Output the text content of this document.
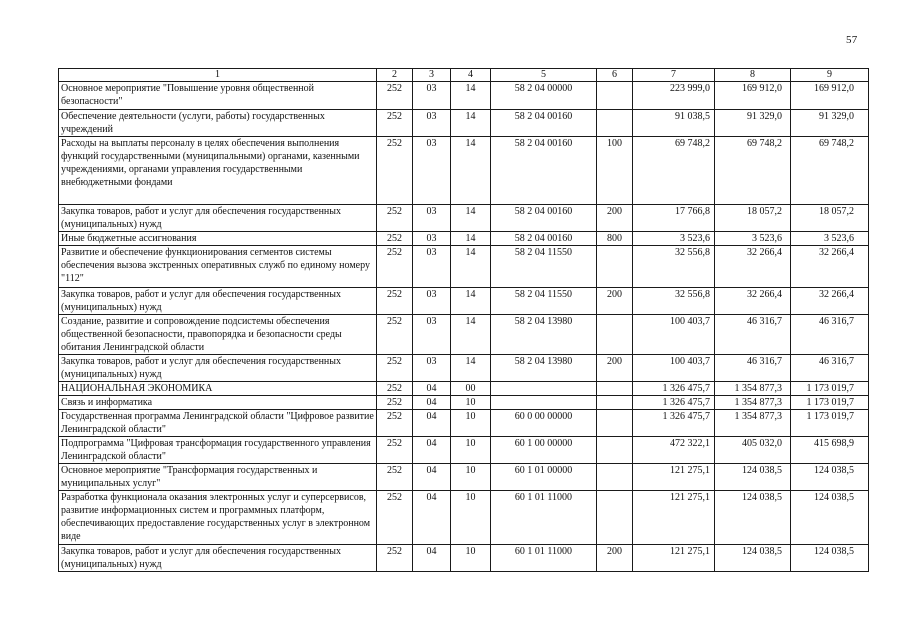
57
1	2	3	4	5	6	7	8	9
Основное мероприятие "Повышение уровня общественной безопасности"	252	03	14	58 2 04 00000		223 999,0	169 912,0	169 912,0
Обеспечение деятельности (услуги, работы) государственных учреждений	252	03	14	58 2 04 00160		91 038,5	91 329,0	91 329,0
Расходы на выплаты персоналу в целях обеспечения выполнения функций государственными (муниципальными) органами, казенными учреждениями, органами управления государственными внебюджетными фондами	252	03	14	58 2 04 00160	100	69 748,2	69 748,2	69 748,2
Закупка товаров, работ и услуг для обеспечения государственных (муниципальных) нужд	252	03	14	58 2 04 00160	200	17 766,8	18 057,2	18 057,2
Иные бюджетные ассигнования	252	03	14	58 2 04 00160	800	3 523,6	3 523,6	3 523,6
Развитие и обеспечение функционирования сегментов системы обеспечения вызова экстренных оперативных служб по единому номеру "112"	252	03	14	58 2 04 11550		32 556,8	32 266,4	32 266,4
Закупка товаров, работ и услуг для обеспечения государственных (муниципальных) нужд	252	03	14	58 2 04 11550	200	32 556,8	32 266,4	32 266,4
Создание, развитие и сопровождение подсистемы обеспечения общественной безопасности, правопорядка и безопасности среды обитания Ленинградской области	252	03	14	58 2 04 13980		100 403,7	46 316,7	46 316,7
Закупка товаров, работ и услуг для обеспечения государственных (муниципальных) нужд	252	03	14	58 2 04 13980	200	100 403,7	46 316,7	46 316,7
НАЦИОНАЛЬНАЯ ЭКОНОМИКА	252	04	00			1 326 475,7	1 354 877,3	1 173 019,7
Связь и информатика	252	04	10			1 326 475,7	1 354 877,3	1 173 019,7
Государственная программа Ленинградской области "Цифровое развитие Ленинградской области"	252	04	10	60 0 00 00000		1 326 475,7	1 354 877,3	1 173 019,7
Подпрограмма "Цифровая трансформация государственного управления Ленинградской области"	252	04	10	60 1 00 00000		472 322,1	405 032,0	415 698,9
Основное мероприятие "Трансформация государственных и муниципальных услуг"	252	04	10	60 1 01 00000		121 275,1	124 038,5	124 038,5
Разработка функционала оказания электронных услуг и суперсервисов, развитие информационных систем и программных платформ, обеспечивающих предоставление государственных услуг в электронном виде	252	04	10	60 1 01 11000		121 275,1	124 038,5	124 038,5
Закупка товаров, работ и услуг для обеспечения государственных (муниципальных) нужд	252	04	10	60 1 01 11000	200	121 275,1	124 038,5	124 038,5
